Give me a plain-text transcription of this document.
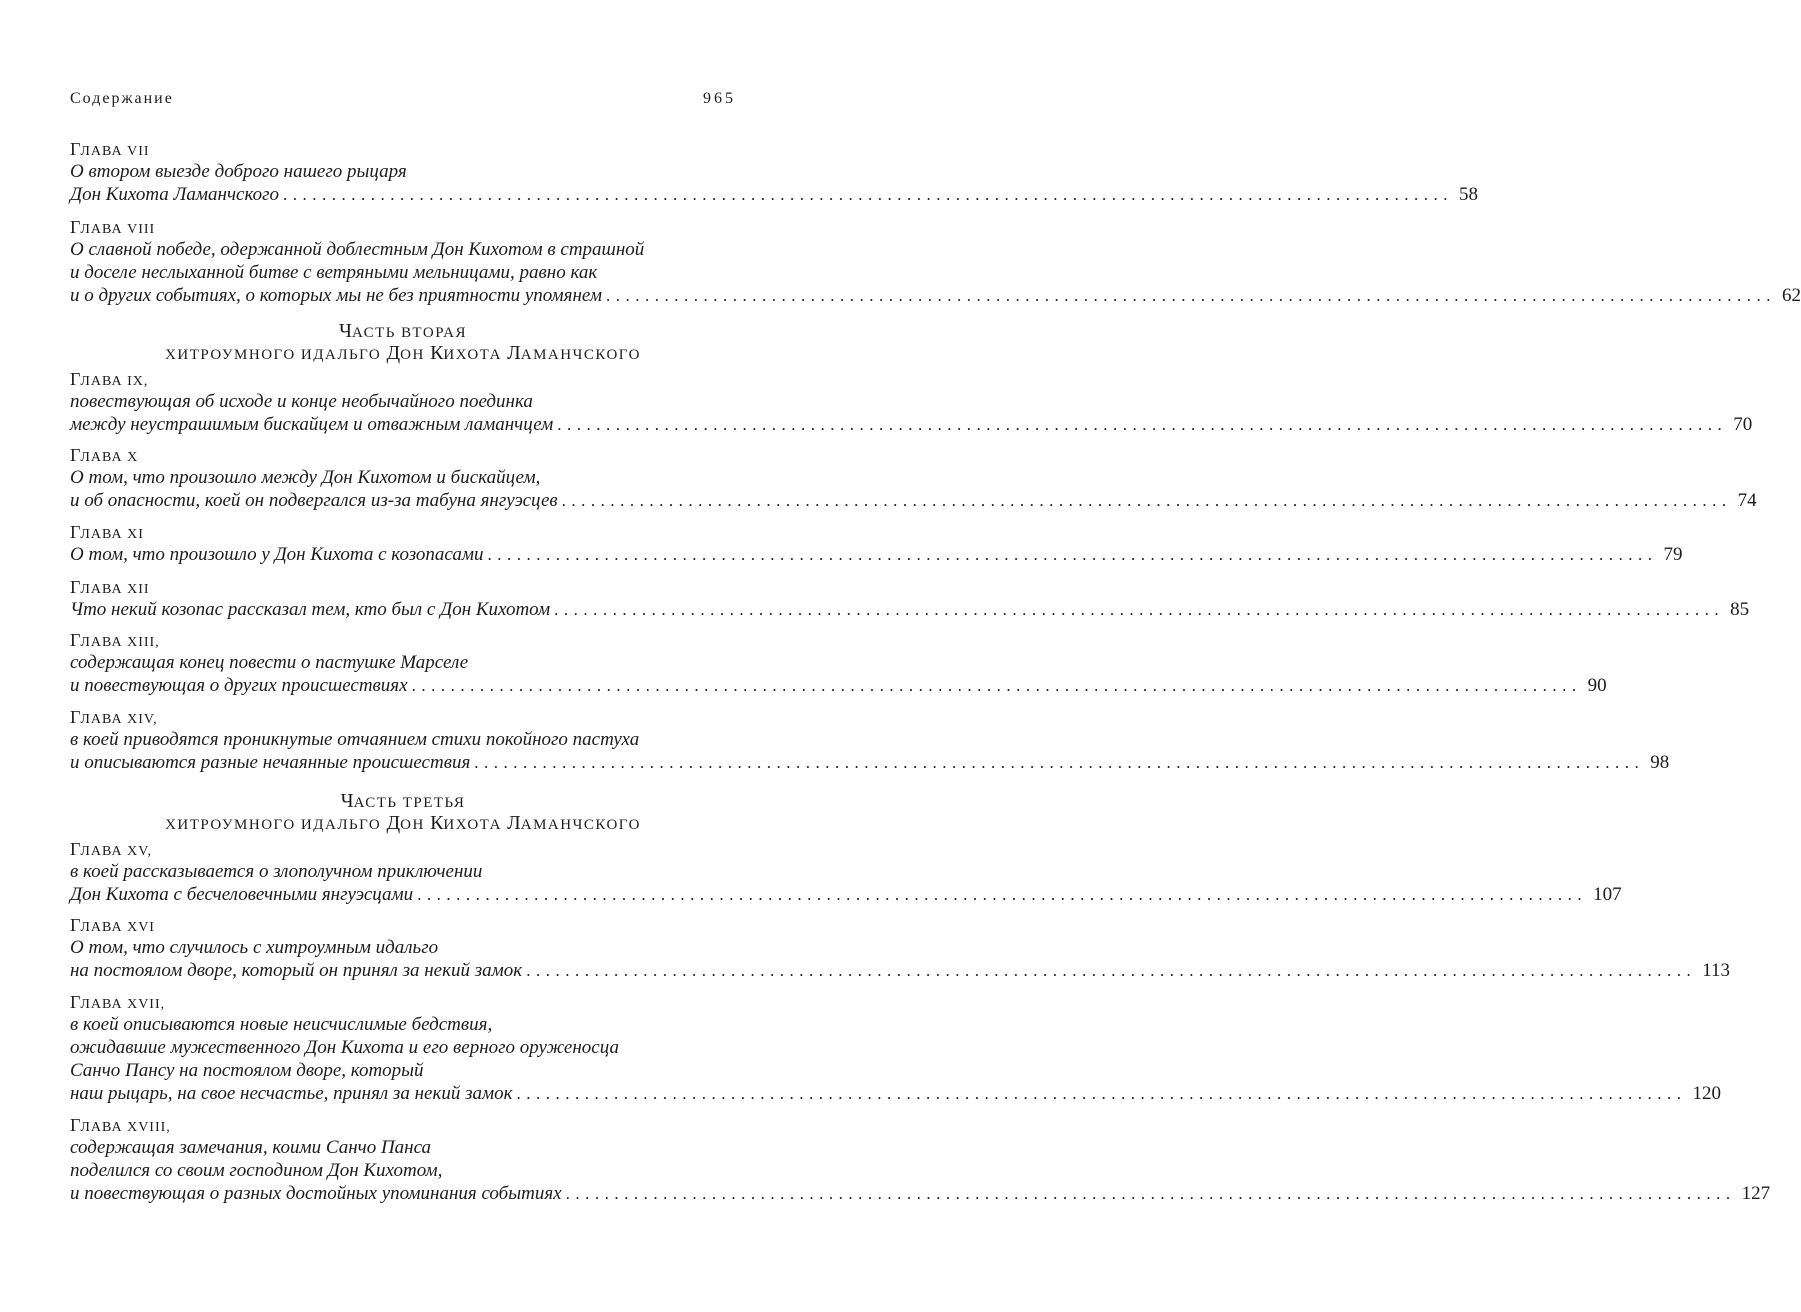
Содержание	965
ГЛАВА VII
О втором выезде доброго нашего рыцаря
Дон Кихота Ламанчского ........................................................................................................................ 58
ГЛАВА VIII
О славной победе, одержанной доблестным Дон Кихотом в страшной
и доселе неслыханной битве с ветряными мельницами, равно как
и о других событиях, о которых мы не без приятности упомянем ........................................................................................................................ 62
ЧАСТЬ ВТОРАЯ
ХИТРОУМНОГО ИДАЛЬГО ДОН КИХОТА ЛАМАНЧСКОГО
ГЛАВА IX,
повествующая об исходе и конце необычайного поединка
между неустрашимым бискайцем и отважным ламанчцем ........................................................................................................................ 70
ГЛАВА X
О том, что произошло между Дон Кихотом и бискайцем,
и об опасности, коей он подвергался из-за табуна янгуэсцев ........................................................................................................................ 74
ГЛАВА XI
О том, что произошло у Дон Кихота с козопасами ........................................................................................................................ 79
ГЛАВА XII
Что некий козопас рассказал тем, кто был с Дон Кихотом ........................................................................................................................ 85
ГЛАВА XIII,
содержащая конец повести о пастушке Марселе
и повествующая о других происшествиях ........................................................................................................................ 90
ГЛАВА XIV,
в коей приводятся проникнутые отчаянием стихи покойного пастуха
и описываются разные нечаянные происшествия ........................................................................................................................ 98
ЧАСТЬ ТРЕТЬЯ
ХИТРОУМНОГО ИДАЛЬГО ДОН КИХОТА ЛАМАНЧСКОГО
ГЛАВА XV,
в коей рассказывается о злополучном приключении
Дон Кихота с бесчеловечными янгуэсцами ........................................................................................................................ 107
ГЛАВА XVI
О том, что случилось с хитроумным идальго
на постоялом дворе, который он принял за некий замок ........................................................................................................................ 113
ГЛАВА XVII,
в коей описываются новые неисчислимые бедствия,
ожидавшие мужественного Дон Кихота и его верного оруженосца
Санчо Пансу на постоялом дворе, который
наш рыцарь, на свое несчастье, принял за некий замок ........................................................................................................................ 120
ГЛАВА XVIII,
содержащая замечания, коими Санчо Панса
поделился со своим господином Дон Кихотом,
и повествующая о разных достойных упоминания событиях ........................................................................................................................ 127
